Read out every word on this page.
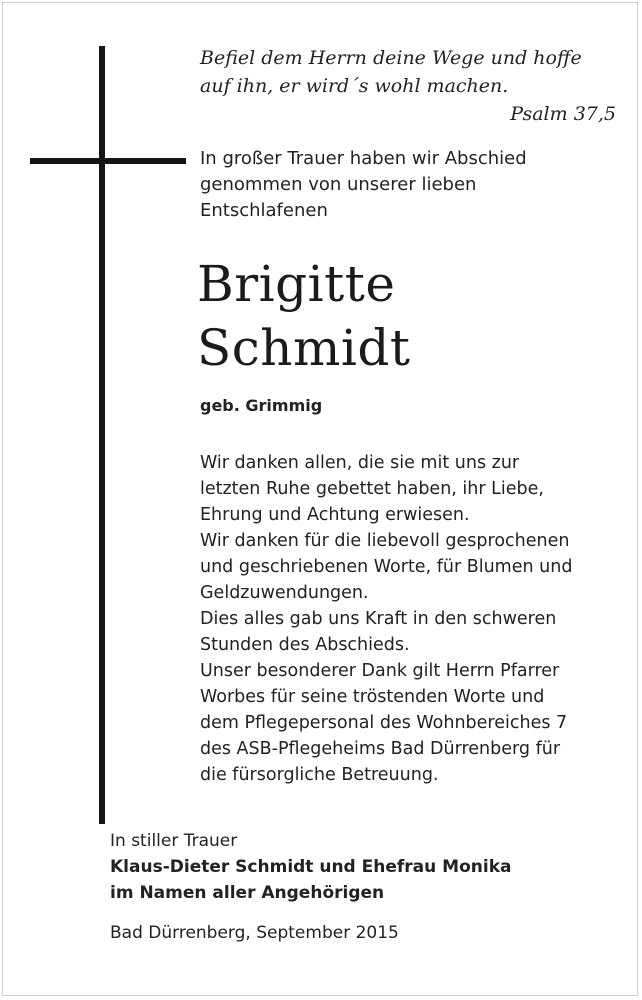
Befiel dem Herrn deine Wege und hoffe
auf ihn, er wird´s wohl machen.
Psalm 37,5
In großer Trauer haben wir Abschied
genommen von unserer lieben
Entschlafenen
Brigitte
Schmidt
geb. Grimmig
Wir danken allen, die sie mit uns zur
letzten Ruhe gebettet haben, ihr Liebe,
Ehrung und Achtung erwiesen.
Wir danken für die liebevoll gesprochenen
und geschriebenen Worte, für Blumen und
Geldzuwendungen.
Dies alles gab uns Kraft in den schweren
Stunden des Abschieds.
Unser besonderer Dank gilt Herrn Pfarrer
Worbes für seine tröstenden Worte und
dem Pflegepersonal des Wohnbereiches 7
des ASB-Pflegeheims Bad Dürrenberg für
die fürsorgliche Betreuung.
In stiller Trauer
Klaus-Dieter Schmidt und Ehefrau Monika
im Namen aller Angehörigen
Bad Dürrenberg, September 2015
